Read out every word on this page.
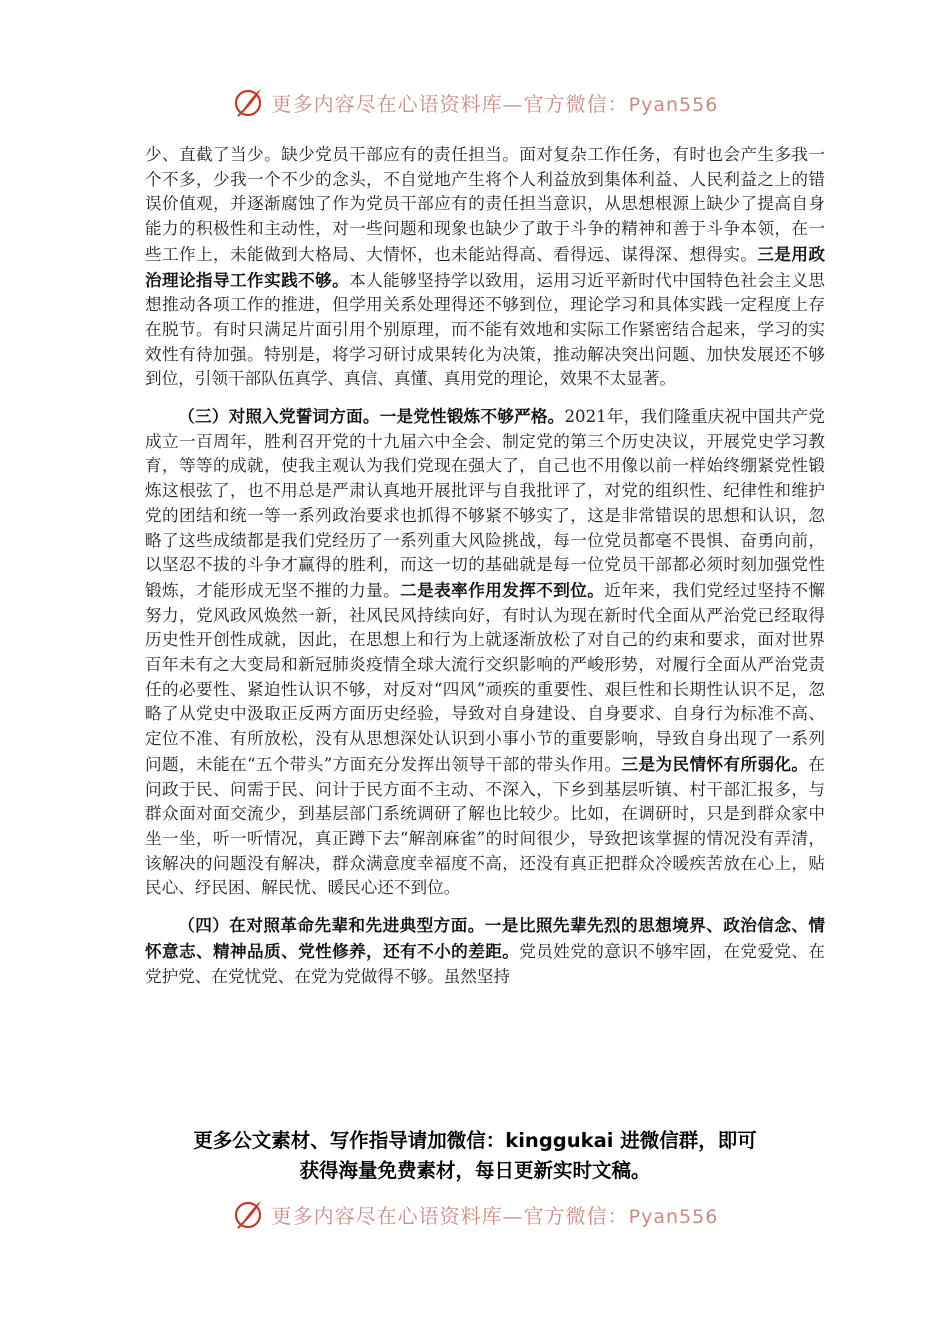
更多内容尽在心语资料库—官方微信：Pyan556

少、直截了当少。缺少党员干部应有的责任担当。面对复杂工作任务，有时也会产生多我一个不多，少我一个不少的念头，不自觉地产生将个人利益放到集体利益、人民利益之上的错误价值观，并逐渐腐蚀了作为党员干部应有的责任担当意识，从思想根源上缺少了提高自身能力的积极性和主动性，对一些问题和现象也缺少了敢于斗争的精神和善于斗争本领，在一些工作上，未能做到大格局、大情怀，也未能站得高、看得远、谋得深、想得实。三是用政治理论指导工作实践不够。本人能够坚持学以致用，运用习近平新时代中国特色社会主义思想推动各项工作的推进，但学用关系处理得还不够到位，理论学习和具体实践一定程度上存在脱节。有时只满足片面引用个别原理，而不能有效地和实际工作紧密结合起来，学习的实效性有待加强。特别是，将学习研讨成果转化为决策，推动解决突出问题、加快发展还不够到位，引领干部队伍真学、真信、真懂、真用党的理论，效果不太显著。

（三）对照入党誓词方面。一是党性锻炼不够严格。2021年，我们隆重庆祝中国共产党成立一百周年，胜利召开党的十九届六中全会、制定党的第三个历史决议，开展党史学习教育，等等的成就，使我主观认为我们党现在强大了，自己也不用像以前一样始终绷紧党性锻炼这根弦了，也不用总是严肃认真地开展批评与自我批评了，对党的组织性、纪律性和维护党的团结和统一等一系列政治要求也抓得不够紧不够实了，这是非常错误的思想和认识，忽略了这些成绩都是我们党经历了一系列重大风险挑战，每一位党员都毫不畏惧、奋勇向前，以坚忍不拔的斗争才赢得的胜利，而这一切的基础就是每一位党员干部都必须时刻加强党性锻炼，才能形成无坚不摧的力量。二是表率作用发挥不到位。近年来，我们党经过坚持不懈努力，党风政风焕然一新，社风民风持续向好，有时认为现在新时代全面从严治党已经取得历史性开创性成就，因此，在思想上和行为上就逐渐放松了对自己的约束和要求，面对世界百年未有之大变局和新冠肺炎疫情全球大流行交织影响的严峻形势，对履行全面从严治党责任的必要性、紧迫性认识不够，对反对“四风”顽疾的重要性、艰巨性和长期性认识不足，忽略了从党史中汲取正反两方面历史经验，导致对自身建设、自身要求、自身行为标准不高、定位不准、有所放松，没有从思想深处认识到小事小节的重要影响，导致自身出现了一系列问题，未能在“五个带头”方面充分发挥出领导干部的带头作用。三是为民情怀有所弱化。在问政于民、问需于民、问计于民方面不主动、不深入，下乡到基层听镇、村干部汇报多，与群众面对面交流少，到基层部门系统调研了解也比较少。比如，在调研时，只是到群众家中坐一坐，听一听情况，真正蹲下去“解剖麻雀”的时间很少，导致把该掌握的情况没有弄清，该解决的问题没有解决，群众满意度幸福度不高，还没有真正把群众冷暖疾苦放在心上，贴民心、纾民困、解民忧、暖民心还不到位。

（四）在对照革命先辈和先进典型方面。一是比照先辈先烈的思想境界、政治信念、情怀意志、精神品质、党性修养，还有不小的差距。党员姓党的意识不够牢固，在党爱党、在党护党、在党忧党、在党为党做得不够。虽然坚持

更多公文素材、写作指导请加微信：kinggukai 进微信群，即可
获得海量免费素材，每日更新实时文稿。
更多内容尽在心语资料库—官方微信：Pyan556
